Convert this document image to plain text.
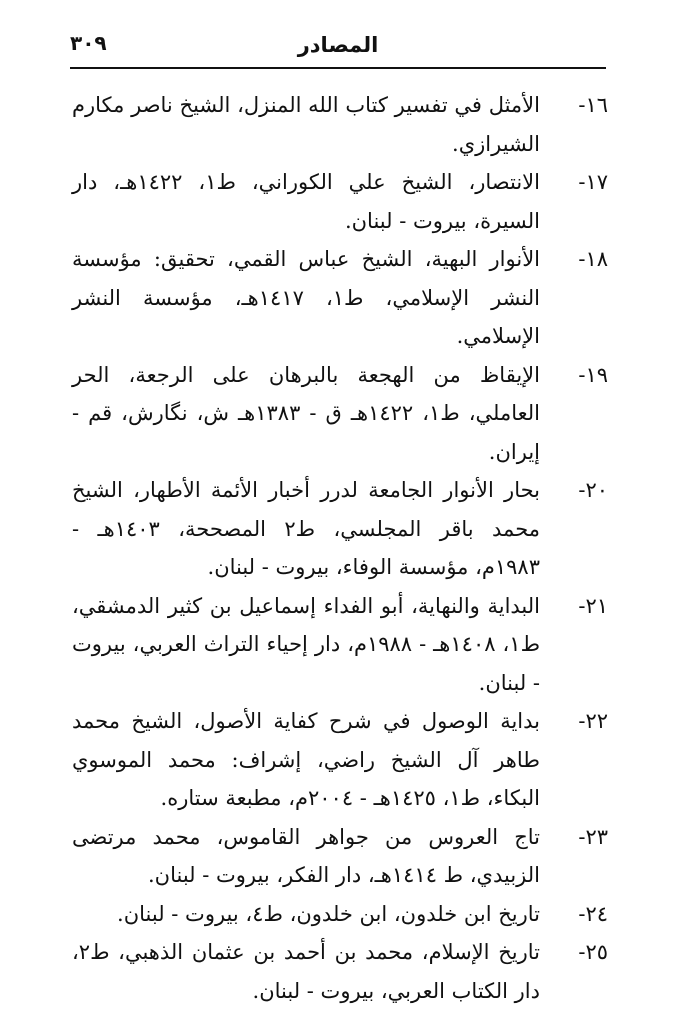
المصادر
٣٠٩

١٦-
الأمثل في تفسير كتاب الله المنزل، الشيخ ناصر مكارم الشيرازي.

١٧-
الانتصار، الشيخ علي الكوراني، ط١، ١٤٢٢هـ، دار السيرة، بيروت - لبنان.

١٨-
الأنوار البهية، الشيخ عباس القمي، تحقيق: مؤسسة النشر الإسلامي، ط١، ١٤١٧هـ، مؤسسة النشر الإسلامي.

١٩-
الإيقاظ من الهجعة بالبرهان على الرجعة، الحر العاملي، ط١، ١٤٢٢هـ ق - ١٣٨٣هـ ش، نگارش، قم - إيران.

٢٠-
بحار الأنوار الجامعة لدرر أخبار الأئمة الأطهار، الشيخ محمد باقر المجلسي، ط٢ المصححة، ١٤٠٣هـ - ١٩٨٣م، مؤسسة الوفاء، بيروت - لبنان.

٢١-
البداية والنهاية، أبو الفداء إسماعيل بن كثير الدمشقي، ط١، ١٤٠٨هـ - ١٩٨٨م، دار إحياء التراث العربي، بيروت - لبنان.

٢٢-
بداية الوصول في شرح كفاية الأصول، الشيخ محمد طاهر آل الشيخ راضي، إشراف: محمد الموسوي البكاء، ط١، ١٤٢٥هـ - ٢٠٠٤م، مطبعة ستاره.

٢٣-
تاج العروس من جواهر القاموس، محمد مرتضى الزبيدي، ط ١٤١٤هـ، دار الفكر، بيروت - لبنان.

٢٤-
تاريخ ابن خلدون، ابن خلدون، ط٤، بيروت - لبنان.

٢٥-
تاريخ الإسلام، محمد بن أحمد بن عثمان الذهبي، ط٢، دار الكتاب العربي، بيروت - لبنان.
